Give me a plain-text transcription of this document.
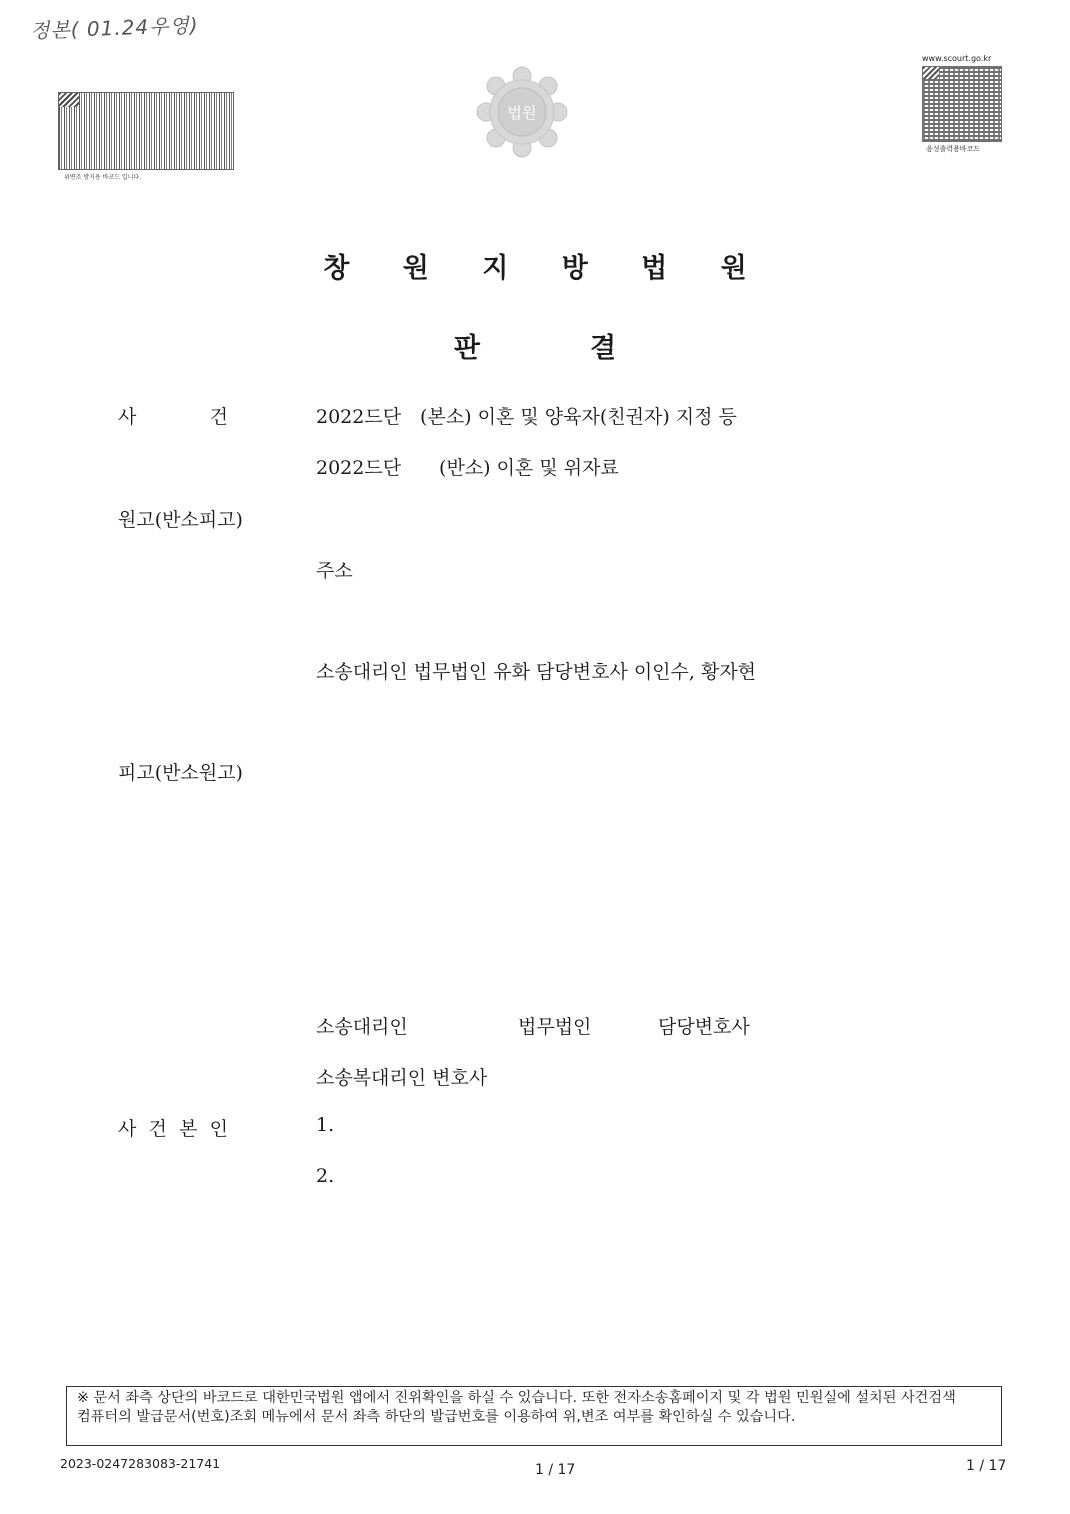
정본( 01.24우영)
위변조 방지용 바코드 입니다.
법원
www.scourt.go.kr
음성출력용바코드
창 원 지 방 법 원
판	결
사 건	2022드단　(본소) 이혼 및 양육자(친권자) 지정 등
2022드단　　(반소) 이혼 및 위자료
원고(반소피고)
주소
소송대리인 법무법인 유화 담당변호사 이인수, 황자현
피고(반소원고)
소송대리인	법무법인	담당변호사
소송복대리인 변호사
사 건 본 인	1.
2.
※ 문서 좌측 상단의 바코드로 대한민국법원 앱에서 진위확인을 하실 수 있습니다. 또한 전자소송홈페이지 및 각 법원 민원실에 설치된 사건검색 컴퓨터의 발급문서(번호)조회 메뉴에서 문서 좌측 하단의 발급번호를 이용하여 위,변조 여부를 확인하실 수 있습니다.
2023-0247283083-21741	1 / 17	1 / 17
